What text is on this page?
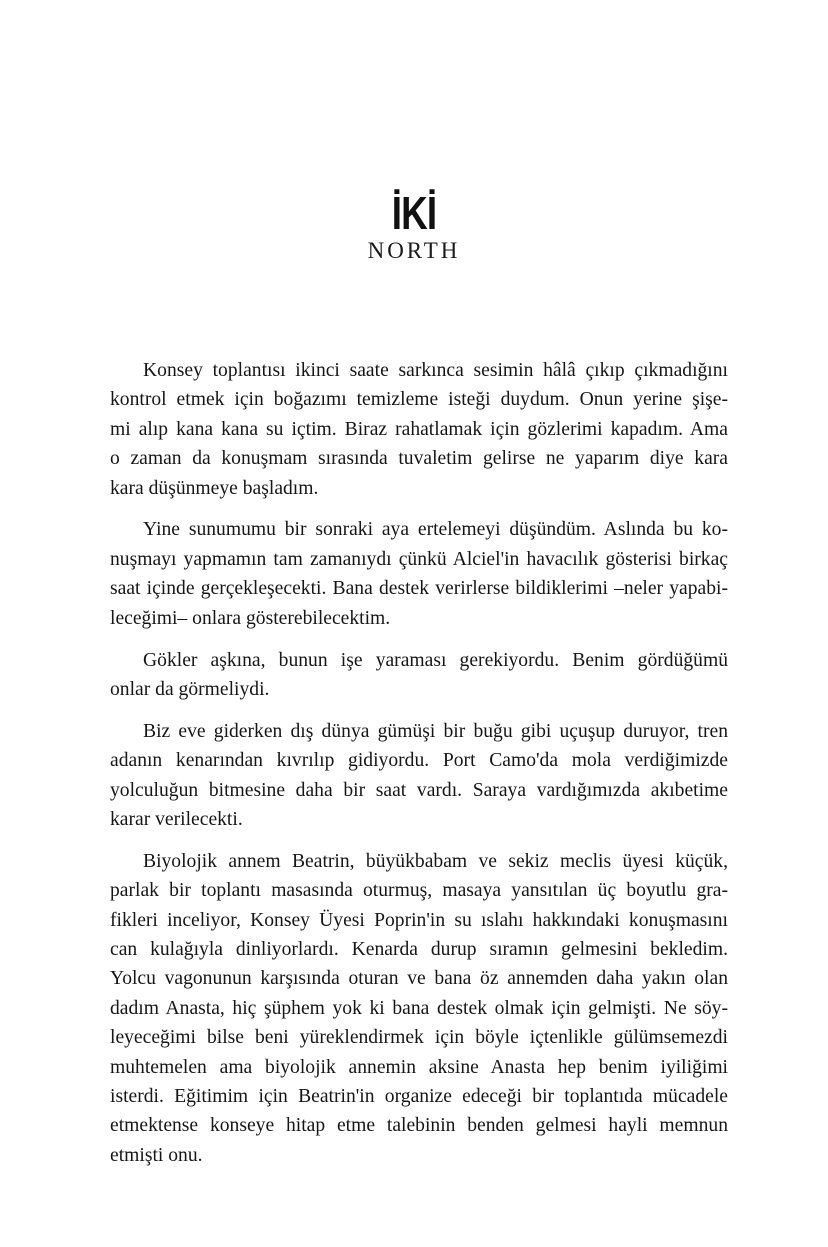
İKİ
NORTH
Konsey toplantısı ikinci saate sarkınca sesimin hâlâ çıkıp çıkmadığını
kontrol etmek için boğazımı temizleme isteği duydum. Onun yerine şişe-
mi alıp kana kana su içtim. Biraz rahatlamak için gözlerimi kapadım. Ama
o zaman da konuşmam sırasında tuvaletim gelirse ne yaparım diye kara
kara düşünmeye başladım.
Yine sunumumu bir sonraki aya ertelemeyi düşündüm. Aslında bu ko-
nuşmayı yapmamın tam zamanıydı çünkü Alciel'in havacılık gösterisi birkaç
saat içinde gerçekleşecekti. Bana destek verirlerse bildiklerimi –neler yapabi-
leceğimi– onlara gösterebilecektim.
Gökler aşkına, bunun işe yaraması gerekiyordu. Benim gördüğümü
onlar da görmeliydi.
Biz eve giderken dış dünya gümüşi bir buğu gibi uçuşup duruyor, tren
adanın kenarından kıvrılıp gidiyordu. Port Camo'da mola verdiğimizde
yolculuğun bitmesine daha bir saat vardı. Saraya vardığımızda akıbetime
karar verilecekti.
Biyolojik annem Beatrin, büyükbabam ve sekiz meclis üyesi küçük,
parlak bir toplantı masasında oturmuş, masaya yansıtılan üç boyutlu gra-
fikleri inceliyor, Konsey Üyesi Poprin'in su ıslahı hakkındaki konuşmasını
can kulağıyla dinliyorlardı. Kenarda durup sıramın gelmesini bekledim.
Yolcu vagonunun karşısında oturan ve bana öz annemden daha yakın olan
dadım Anasta, hiç şüphem yok ki bana destek olmak için gelmişti. Ne söy-
leyeceğimi bilse beni yüreklendirmek için böyle içtenlikle gülümsemezdi
muhtemelen ama biyolojik annemin aksine Anasta hep benim iyiliğimi
isterdi. Eğitimim için Beatrin'in organize edeceği bir toplantıda mücadele
etmektense konseye hitap etme talebinin benden gelmesi hayli memnun
etmişti onu.
